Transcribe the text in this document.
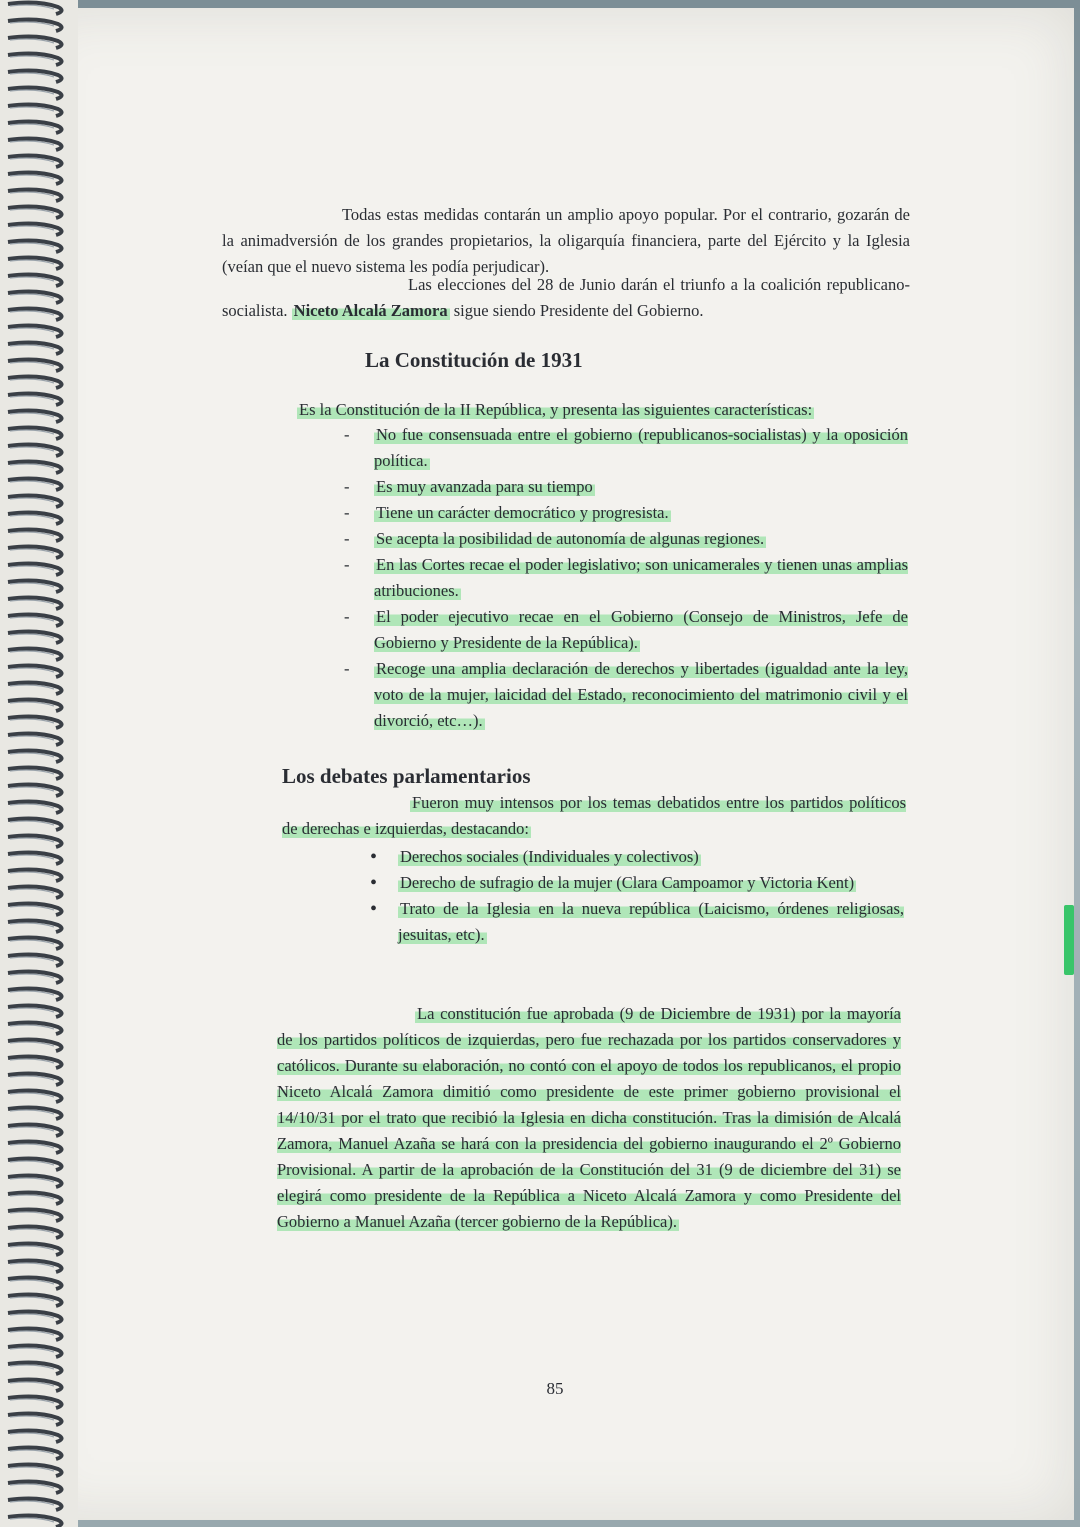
Todas estas medidas contarán un amplio apoyo popular. Por el contrario, gozarán de la animadversión de los grandes propietarios, la oligarquía financiera, parte del Ejército y la Iglesia (veían que el nuevo sistema les podía perjudicar).
Las elecciones del 28 de Junio darán el triunfo a la coalición republicano-socialista. Niceto Alcalá Zamora sigue siendo Presidente del Gobierno.
La Constitución de 1931
Es la Constitución de la II República, y presenta las siguientes características:
- No fue consensuada entre el gobierno (republicanos-socialistas) y la oposición política.
- Es muy avanzada para su tiempo
- Tiene un carácter democrático y progresista.
- Se acepta la posibilidad de autonomía de algunas regiones.
- En las Cortes recae el poder legislativo; son unicamerales y tienen unas amplias atribuciones.
- El poder ejecutivo recae en el Gobierno (Consejo de Ministros, Jefe de Gobierno y Presidente de la República).
- Recoge una amplia declaración de derechos y libertades (igualdad ante la ley, voto de la mujer, laicidad del Estado, reconocimiento del matrimonio civil y el divorció, etc…).
Los debates parlamentarios
Fueron muy intensos por los temas debatidos entre los partidos políticos de derechas e izquierdas, destacando:
• Derechos sociales (Individuales y colectivos)
• Derecho de sufragio de la mujer (Clara Campoamor y Victoria Kent)
• Trato de la Iglesia en la nueva república (Laicismo, órdenes religiosas, jesuitas, etc).
La constitución fue aprobada (9 de Diciembre de 1931) por la mayoría de los partidos políticos de izquierdas, pero fue rechazada por los partidos conservadores y católicos. Durante su elaboración, no contó con el apoyo de todos los republicanos, el propio Niceto Alcalá Zamora dimitió como presidente de este primer gobierno provisional el 14/10/31 por el trato que recibió la Iglesia en dicha constitución. Tras la dimisión de Alcalá Zamora, Manuel Azaña se hará con la presidencia del gobierno inaugurando el 2º Gobierno Provisional. A partir de la aprobación de la Constitución del 31 (9 de diciembre del 31) se elegirá como presidente de la República a Niceto Alcalá Zamora y como Presidente del Gobierno a Manuel Azaña (tercer gobierno de la República).
85
